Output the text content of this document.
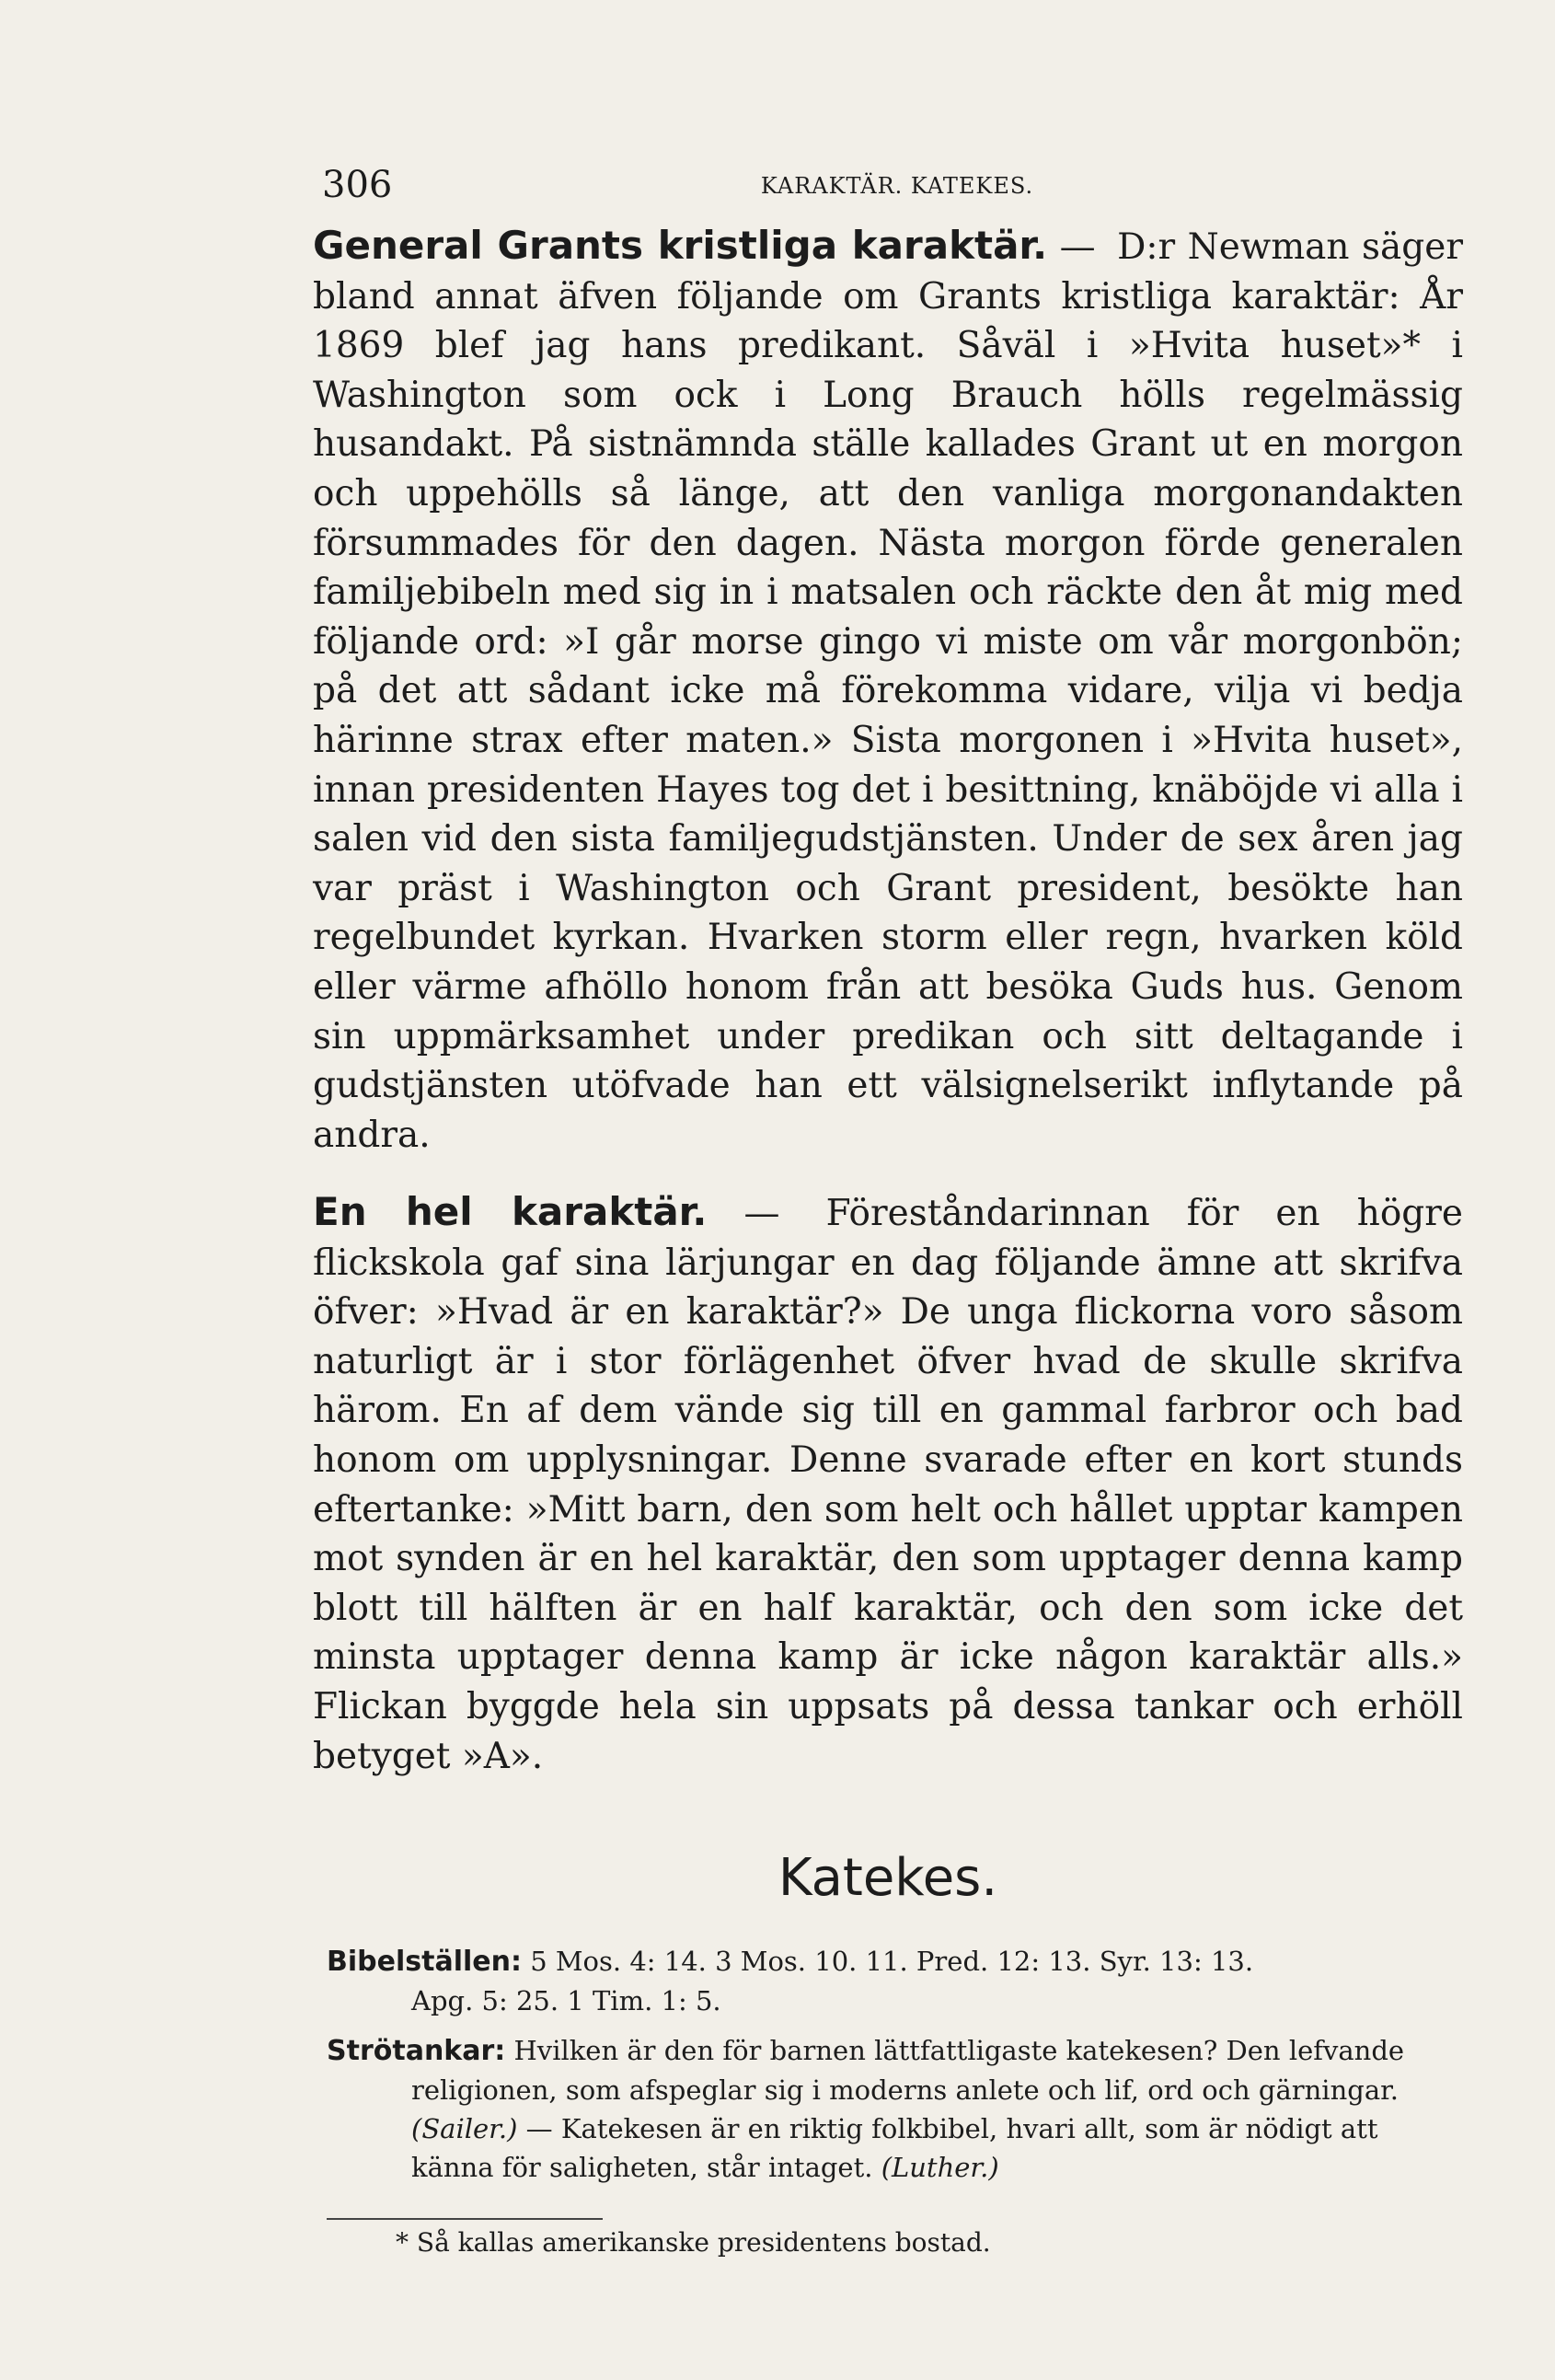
306	KARAKTÄR. KATEKES.

General Grants kristliga karaktär. — D:r Newman säger bland annat äfven följande om Grants kristliga karaktär: År 1869 blef jag hans predikant. Såväl i »Hvita huset»* i Washington som ock i Long Brauch hölls regelmässig husandakt. På sistnämnda ställe kallades Grant ut en morgon och uppehölls så länge, att den vanliga morgonandakten försummades för den dagen. Nästa morgon förde generalen familjebibeln med sig in i matsalen och räckte den åt mig med följande ord: »I går morse gingo vi miste om vår morgonbön; på det att sådant icke må förekomma vidare, vilja vi bedja härinne strax efter maten.» Sista morgonen i »Hvita huset», innan presidenten Hayes tog det i besittning, knäböjde vi alla i salen vid den sista familjegudstjänsten. Under de sex åren jag var präst i Washington och Grant president, besökte han regelbundet kyrkan. Hvarken storm eller regn, hvarken köld eller värme afhöllo honom från att besöka Guds hus. Genom sin uppmärksamhet under predikan och sitt deltagande i gudstjänsten utöfvade han ett välsignelserikt inflytande på andra.

En hel karaktär. — Föreståndarinnan för en högre flickskola gaf sina lärjungar en dag följande ämne att skrifva öfver: »Hvad är en karaktär?» De unga flickorna voro såsom naturligt är i stor förlägenhet öfver hvad de skulle skrifva härom. En af dem vände sig till en gammal farbror och bad honom om upplysningar. Denne svarade efter en kort stunds eftertanke: »Mitt barn, den som helt och hållet upptar kampen mot synden är en hel karaktär, den som upptager denna kamp blott till hälften är en half karaktär, och den som icke det minsta upptager denna kamp är icke någon karaktär alls.» Flickan byggde hela sin uppsats på dessa tankar och erhöll betyget »A».

Katekes.

Bibelställen: 5 Mos. 4: 14. 3 Mos. 10. 11. Pred. 12: 13. Syr. 13: 13.
Apg. 5: 25. 1 Tim. 1: 5.

Strötankar: Hvilken är den för barnen lättfattligaste katekesen? Den lefvande religionen, som afspeglar sig i moderns anlete och lif, ord och gärningar. (Sailer.) — Katekesen är en riktig folkbibel, hvari allt, som är nödigt att känna för saligheten, står intaget. (Luther.)

* Så kallas amerikanske presidentens bostad.
